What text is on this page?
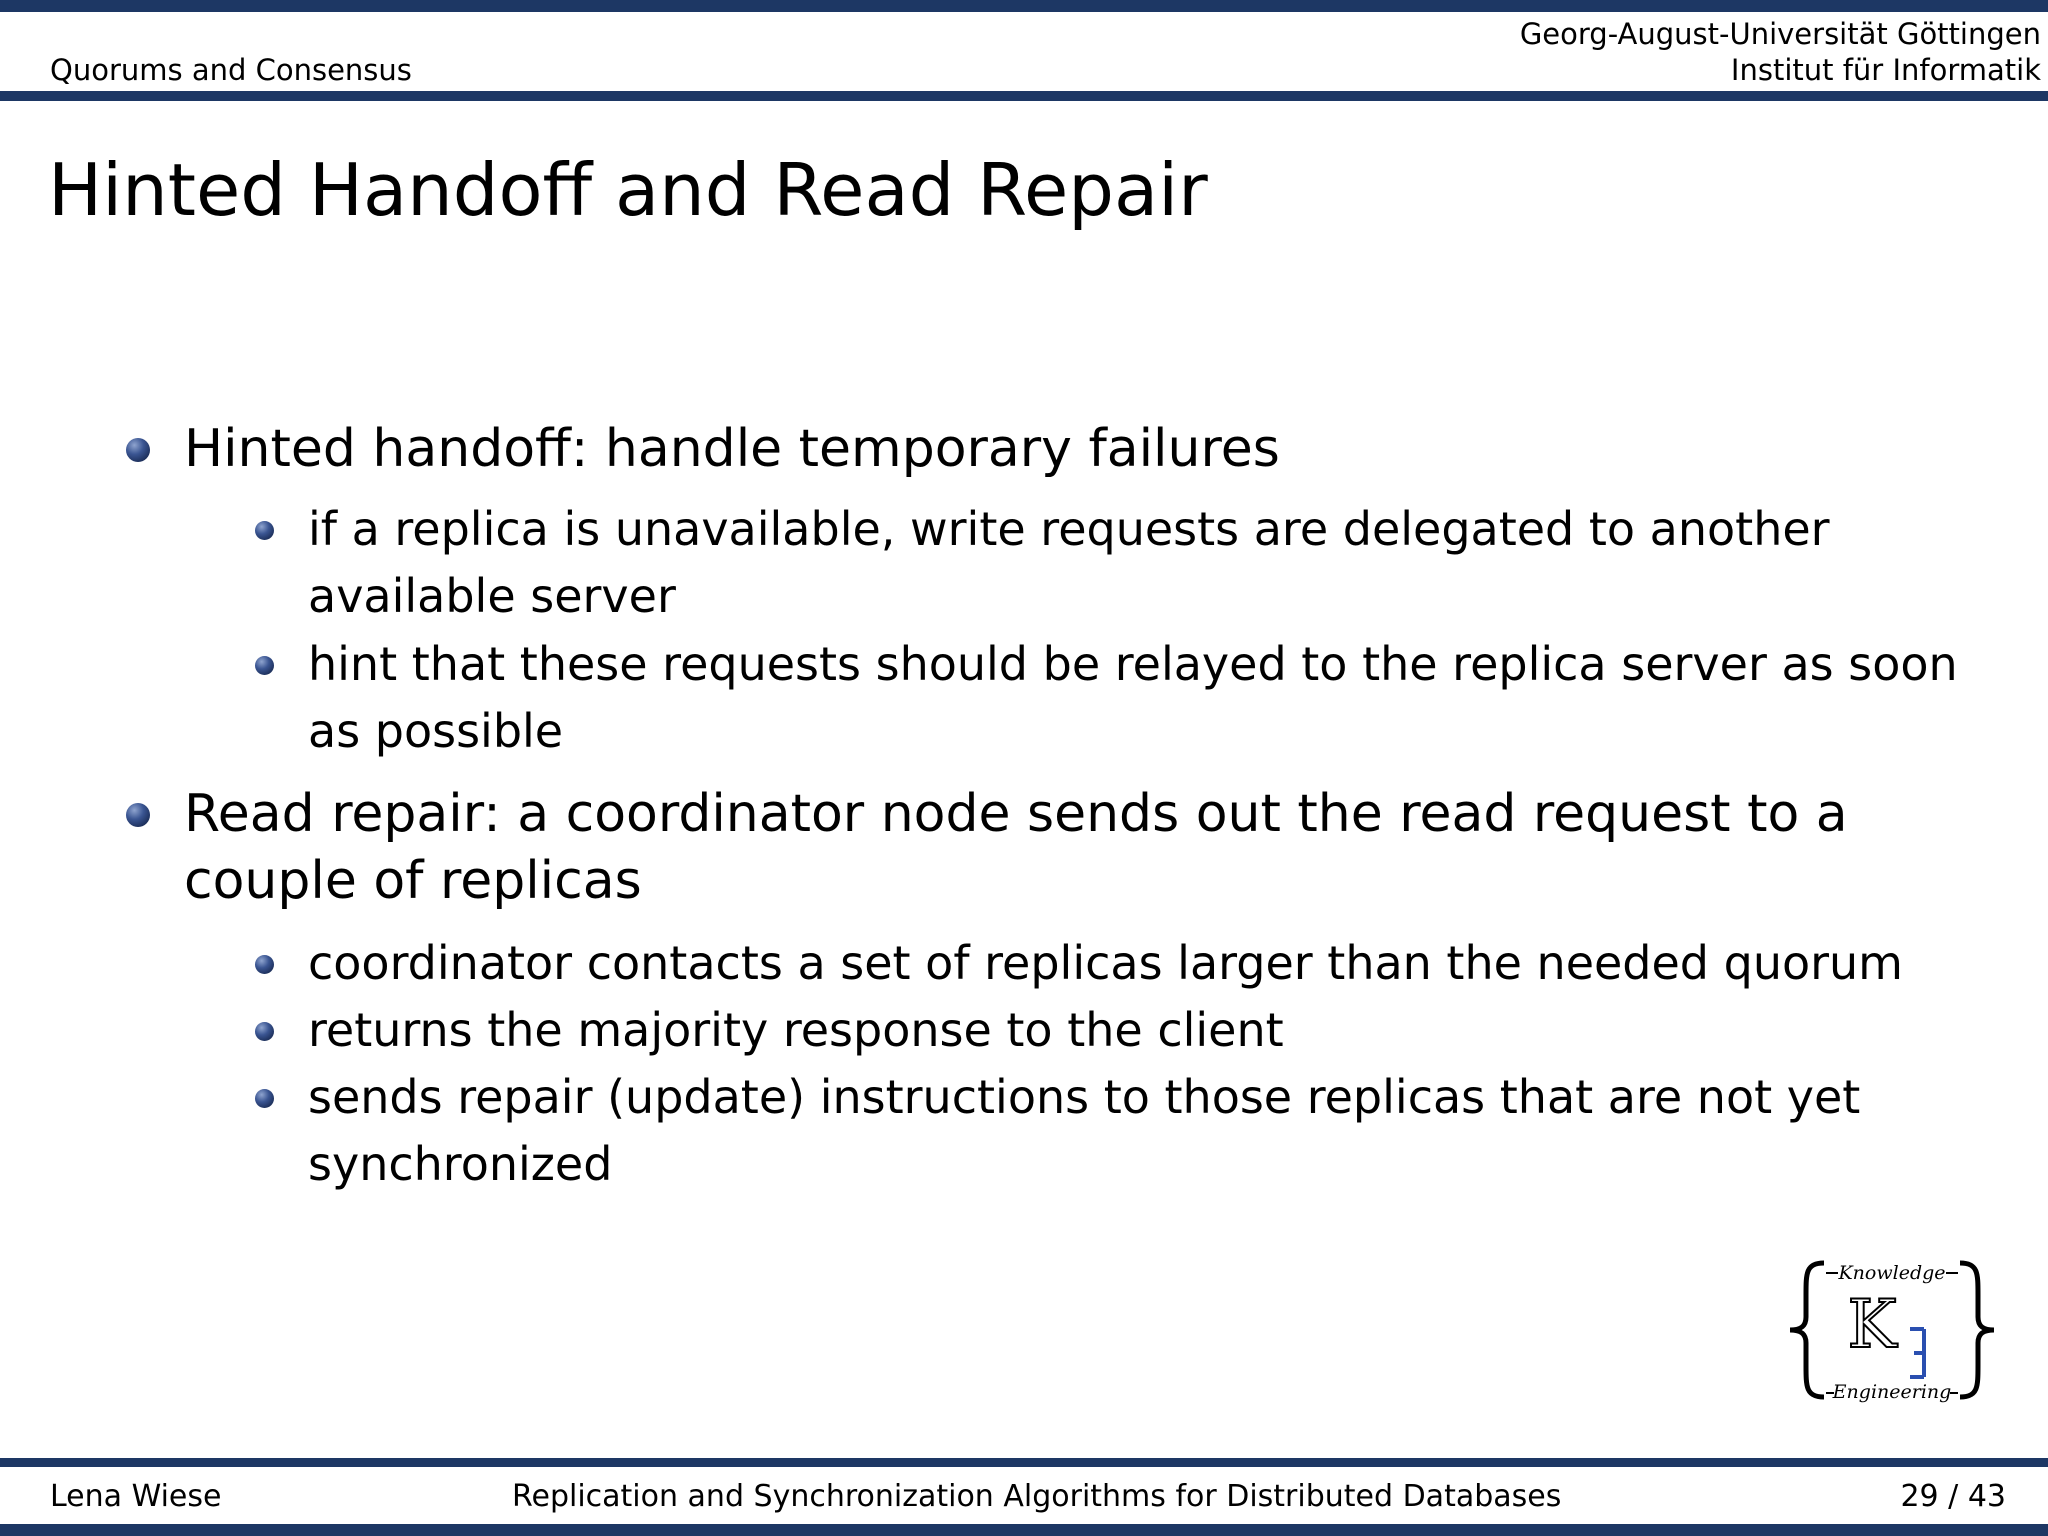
Quorums and Consensus
Georg-August-Universität Göttingen
Institut für Informatik
Hinted Handoff and Read Repair
Hinted handoff: handle temporary failures
if a replica is unavailable, write requests are delegated to another
available server
hint that these requests should be relayed to the replica server as soon
as possible
Read repair: a coordinator node sends out the read request to a
couple of replicas
coordinator contacts a set of replicas larger than the needed quorum
returns the majority response to the client
sends repair (update) instructions to those replicas that are not yet
synchronized
Knowledge
Engineering
K
Lena Wiese	Replication and Synchronization Algorithms for Distributed Databases	29 / 43
